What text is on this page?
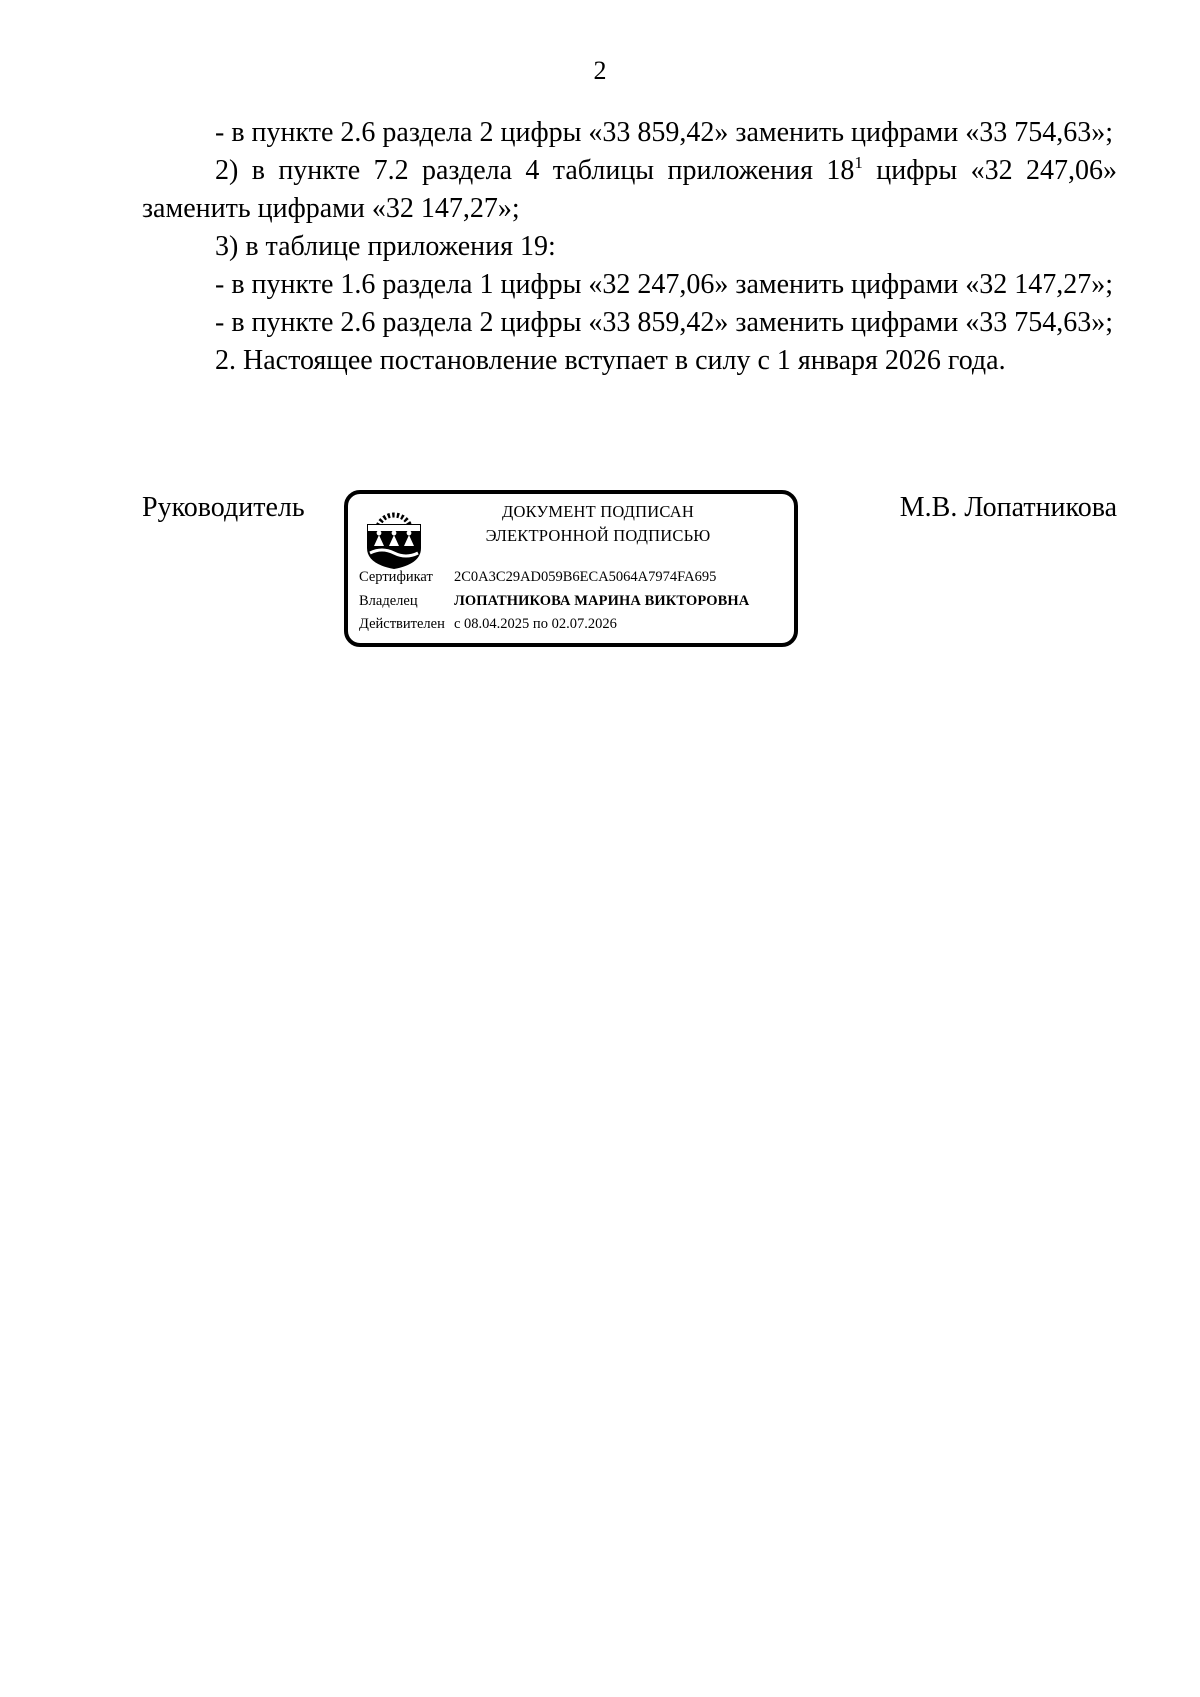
2

- в пункте 2.6 раздела 2 цифры «33 859,42» заменить цифрами «33 754,63»;

2) в пункте 7.2 раздела 4 таблицы приложения $18^1$ цифры «32 247,06» заменить цифрами «32 147,27»;

3) в таблице приложения 19:

- в пункте 1.6 раздела 1 цифры «32 247,06» заменить цифрами «32 147,27»;

- в пункте 2.6 раздела 2 цифры «33 859,42» заменить цифрами «33 754,63»;

2. Настоящее постановление вступает в силу с 1 января 2026 года.

Руководитель	ДОКУМЕНТ ПОДПИСАН
ЭЛЕКТРОННОЙ ПОДПИСЬЮ
Сертификат 2C0A3C29AD059B6ECA5064A7974FA695
Владелец	ЛОПАТНИКОВА МАРИНА ВИКТОРОВНА
Действителен с 08.04.2025 по 02.07.2026
М.В. Лопатникова
